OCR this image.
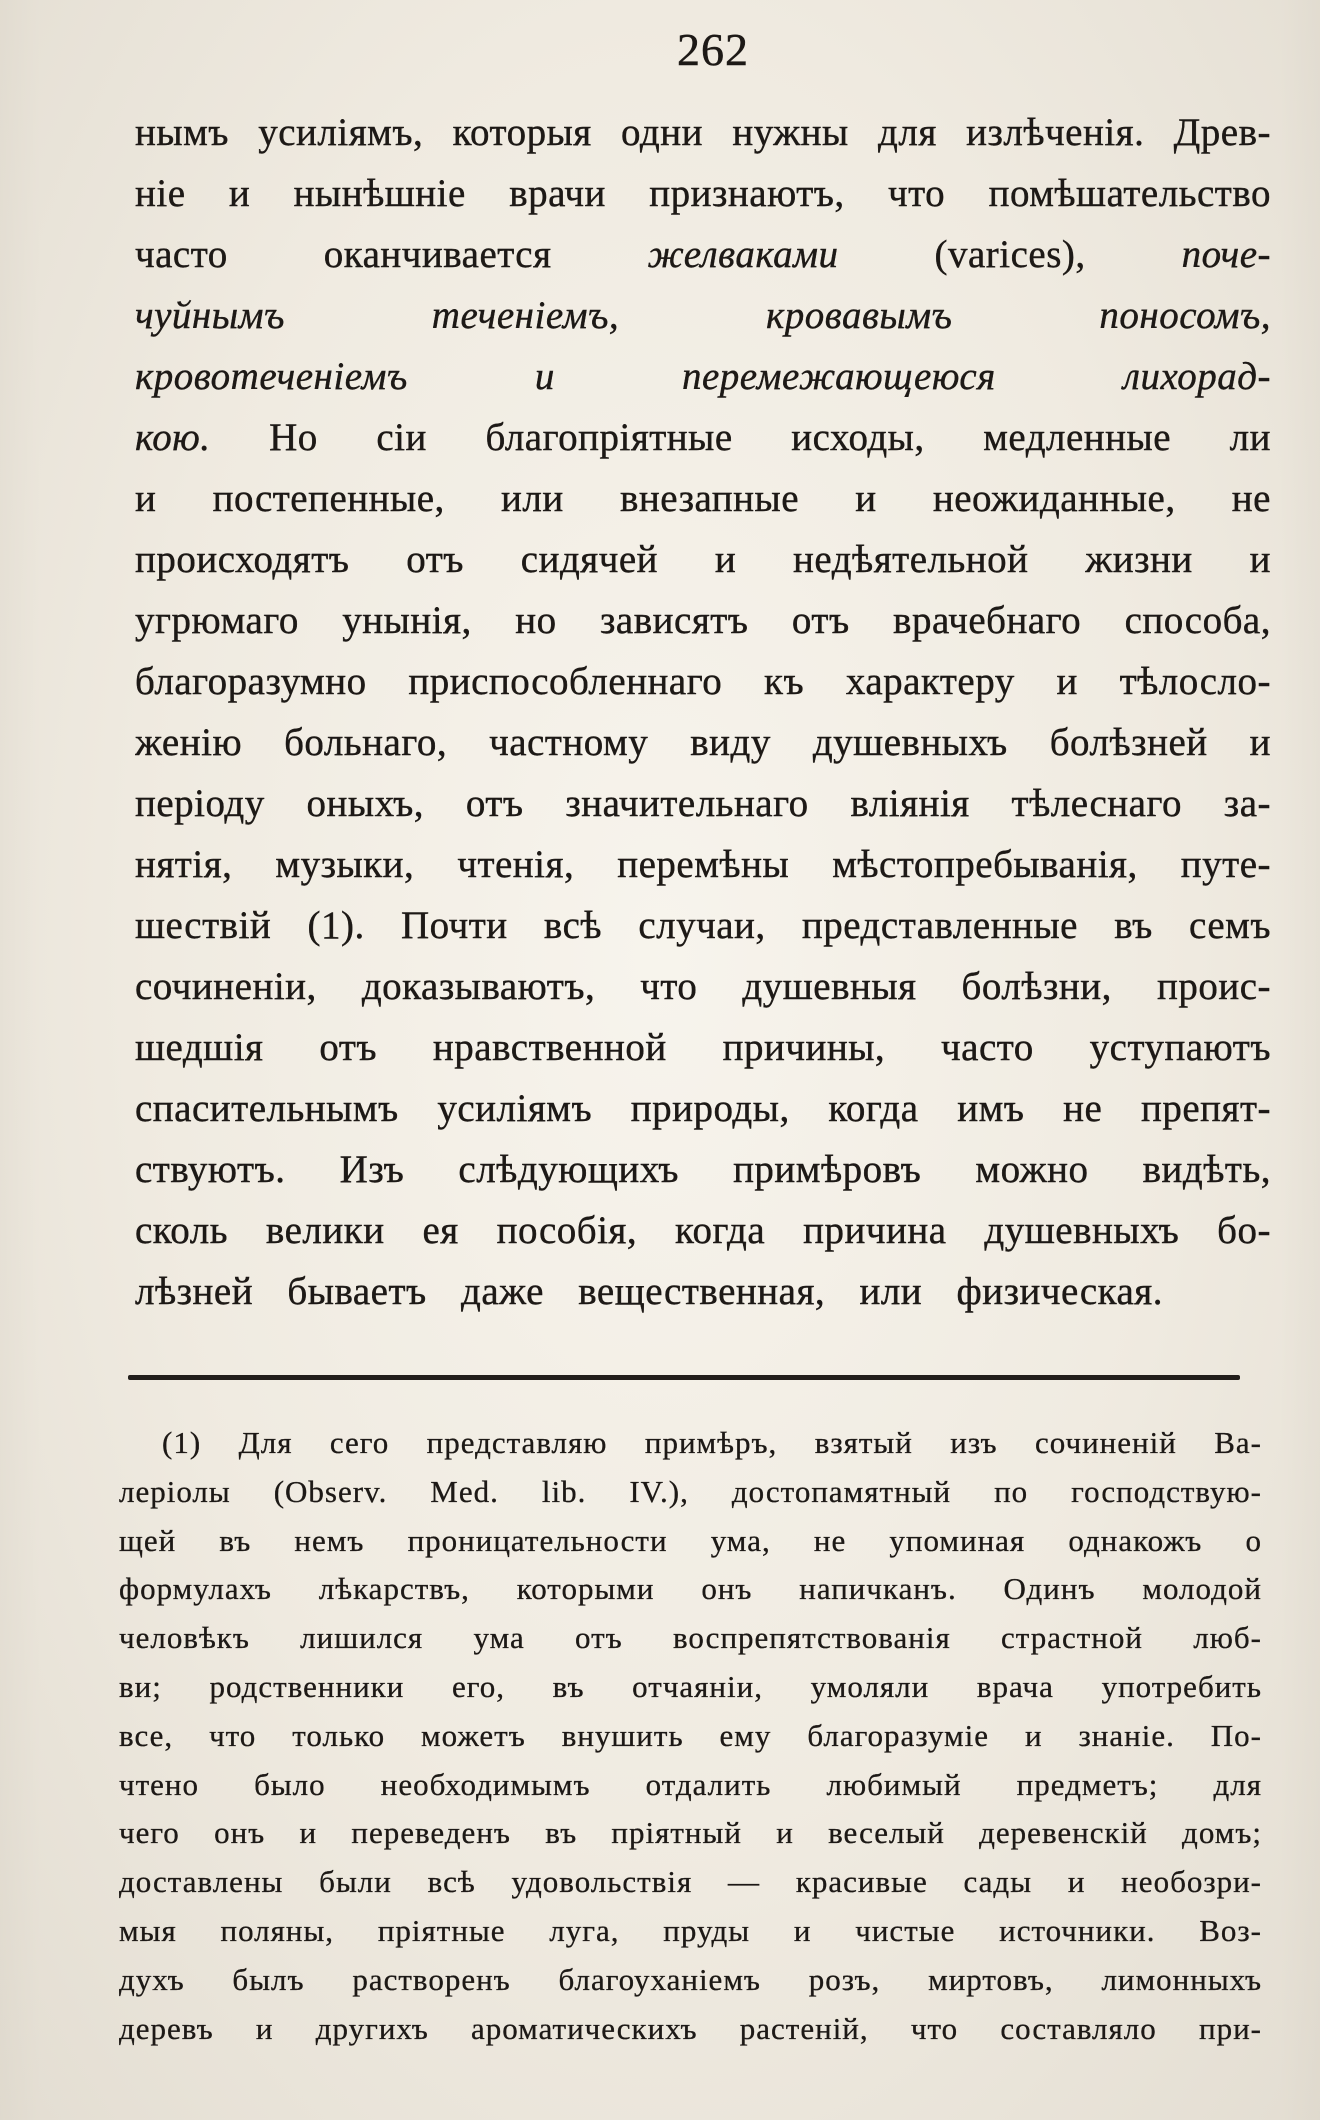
262
нымъ усиліямъ, которыя одни нужны для излѣченія. Древ-
ніе и нынѣшніе врачи признаютъ, что помѣшательство
часто оканчивается желваками (varices), поче-
чуйнымъ теченіемъ, кровавымъ поносомъ,
кровотеченіемъ и перемежающеюся лихорад-
кою. Но сіи благопріятные исходы, медленные ли
и постепенные, или внезапные и неожиданные, не
происходятъ отъ сидячей и недѣятельной жизни и
угрюмаго унынія, но зависятъ отъ врачебнаго способа,
благоразумно приспособленнаго къ характеру и тѣлосло-
женію больнаго, частному виду душевныхъ болѣзней и
періоду оныхъ, отъ значительнаго вліянія тѣлеснаго за-
нятія, музыки, чтенія, перемѣны мѣстопребыванія, путе-
шествій (1). Почти всѣ случаи, представленные въ семъ
сочиненіи, доказываютъ, что душевныя болѣзни, проис-
шедшія отъ нравственной причины, часто уступаютъ
спасительнымъ усиліямъ природы, когда имъ не препят-
ствуютъ. Изъ слѣдующихъ примѣровъ можно видѣть,
сколь велики ея пособія, когда причина душевныхъ бо-
лѣзней бываетъ даже вещественная, или физическая.
(1) Для сего представляю примѣръ, взятый изъ сочиненій Ва-
леріолы (Observ. Med. lib. IV.), достопамятный по господствую-
щей въ немъ проницательности ума, не упоминая однакожъ о
формулахъ лѣкарствъ, которыми онъ напичканъ. Одинъ молодой
человѣкъ лишился ума отъ воспрепятствованія страстной люб-
ви; родственники его, въ отчаяніи, умоляли врача употребить
все, что только можетъ внушить ему благоразуміе и знаніе. По-
чтено было необходимымъ отдалить любимый предметъ; для
чего онъ и переведенъ въ пріятный и веселый деревенскій домъ;
доставлены были всѣ удовольствія — красивые сады и необозри-
мыя поляны, пріятные луга, пруды и чистые источники. Воз-
духъ былъ растворенъ благоуханіемъ розъ, миртовъ, лимонныхъ
деревъ и другихъ ароматическихъ растеній, что составляло при-
